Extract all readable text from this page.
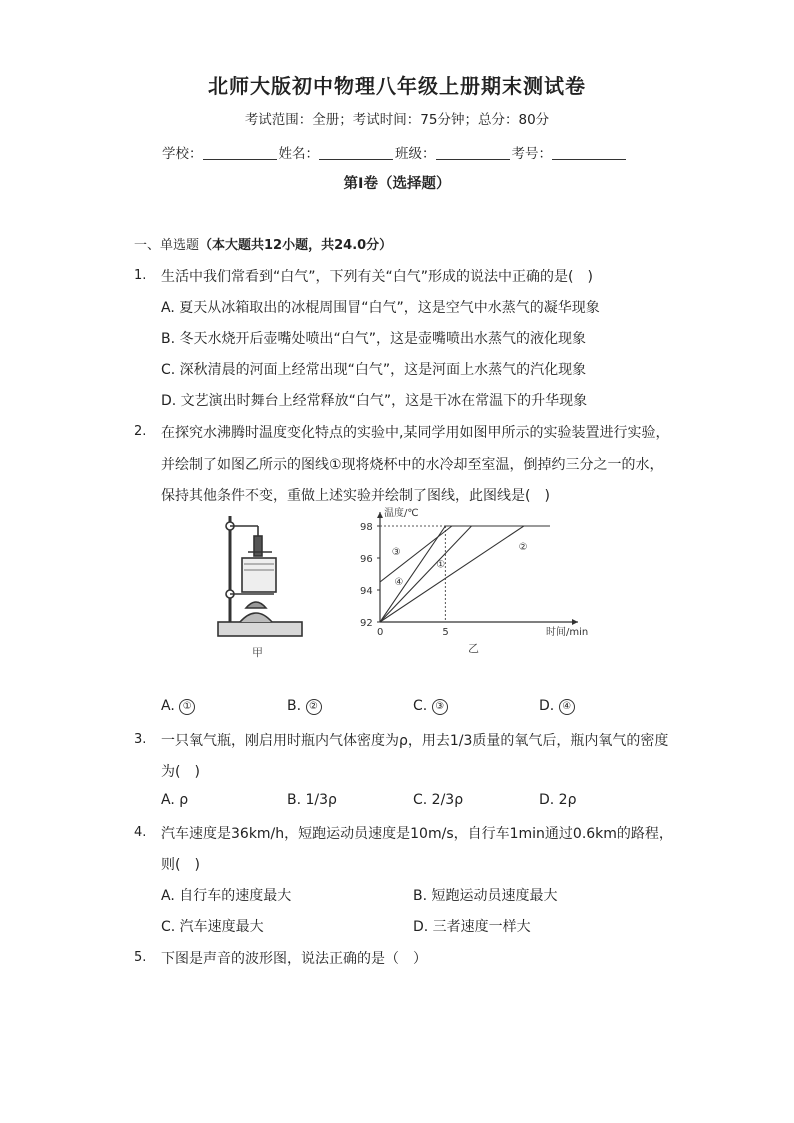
北师大版初中物理八年级上册期末测试卷
考试范围：全册；考试时间：75分钟；总分：80分
学校：	姓名：	班级：	考号：
第I卷（选择题）
一、单选题（本大题共12小题，共24.0分）
1. 生活中我们常看到“白气”，下列有关“白气”形成的说法中正确的是(　)
A. 夏天从冰箱取出的冰棍周围冒“白气”，这是空气中水蒸气的凝华现象
B. 冬天水烧开后壶嘴处喷出“白气”，这是壶嘴喷出水蒸气的液化现象
C. 深秋清晨的河面上经常出现“白气”，这是河面上水蒸气的汽化现象
D. 文艺演出时舞台上经常释放“白气”，这是干冰在常温下的升华现象
2. 在探究水沸腾时温度变化特点的实验中,某同学用如图甲所示的实验装置进行实验，
并绘制了如图乙所示的图线①现将烧杯中的水冷却至室温，倒掉约三分之一的水，
保持其他条件不变，重做上述实验并绘制了图线，此图线是(　)
甲
92
94
96
98
0	5
①
②
③
④
温度/℃
时间/min
乙
A. ①	B. ②	C. ③	D. ④
3. 一只氧气瓶，刚启用时瓶内气体密度为ρ，用去1/3质量的氧气后，瓶内氧气的密度
为(　)
A. ρ	B. 1/3ρ	C. 2/3ρ	D. 2ρ
4. 汽车速度是36km/h，短跑运动员速度是10m/s，自行车1min通过0.6km的路程，
则(　)
A. 自行车的速度最大	B. 短跑运动员速度最大
C. 汽车速度最大	D. 三者速度一样大
5. 下图是声音的波形图，说法正确的是（　）
